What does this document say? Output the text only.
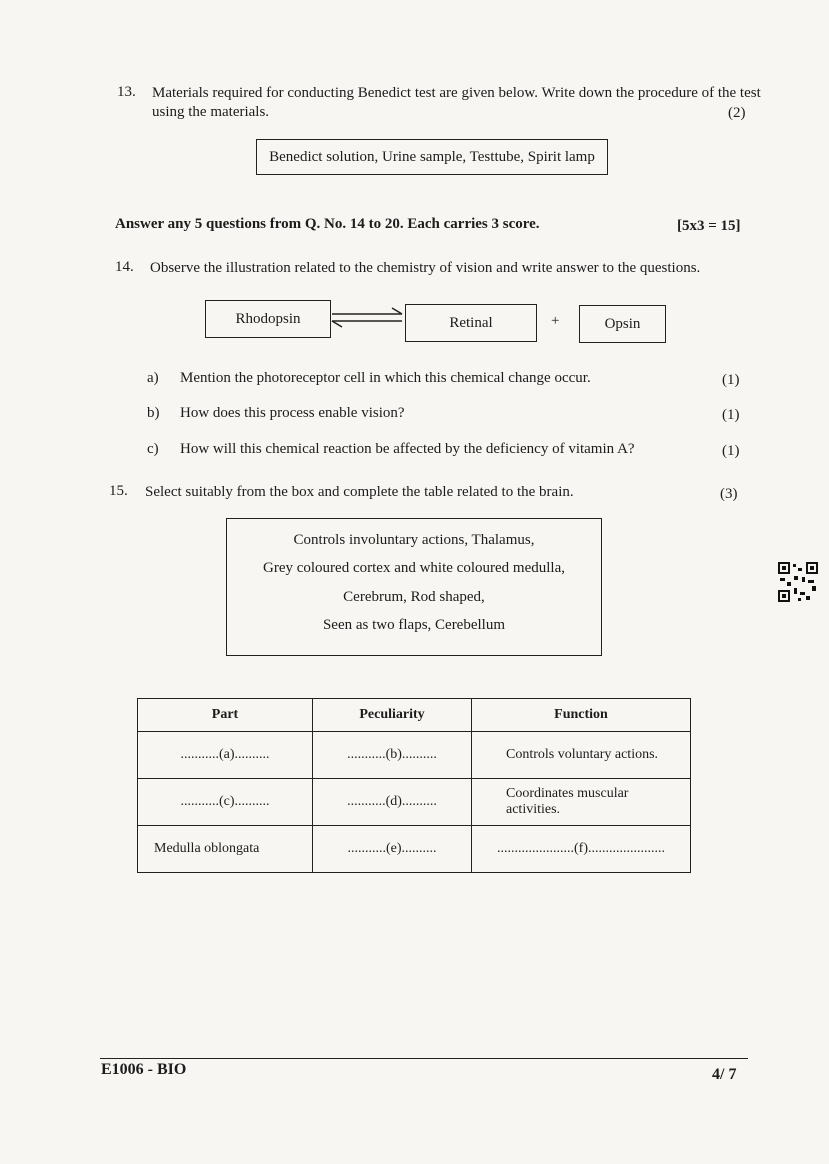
13. Materials required for conducting Benedict test are given below. Write down the procedure of the test
using the materials.	(2)
Benedict solution, Urine sample, Testtube, Spirit lamp
Answer any 5 questions from Q. No. 14 to 20. Each carries 3 score.	[5x3 = 15]
14. Observe the illustration related to the chemistry of vision and write answer to the questions.
Rhodopsin	Retinal	+	Opsin
a) Mention the photoreceptor cell in which this chemical change occur.	(1)
b) How does this process enable vision?	(1)
c) How will this chemical reaction be affected by the deficiency of vitamin A?	(1)
15. Select suitably from the box and complete the table related to the brain.	(3)
Controls involuntary actions, Thalamus,
Grey coloured cortex and white coloured medulla,
Cerebrum, Rod shaped,
Seen as two flaps, Cerebellum
Part	Peculiarity	Function
...........(a)..........	...........(b)..........	Controls voluntary actions.
...........(c)..........	...........(d)..........	Coordinates muscular activities.
Medulla oblongata	...........(e)..........	......................(f)......................
E1006 - BIO	4/ 7
